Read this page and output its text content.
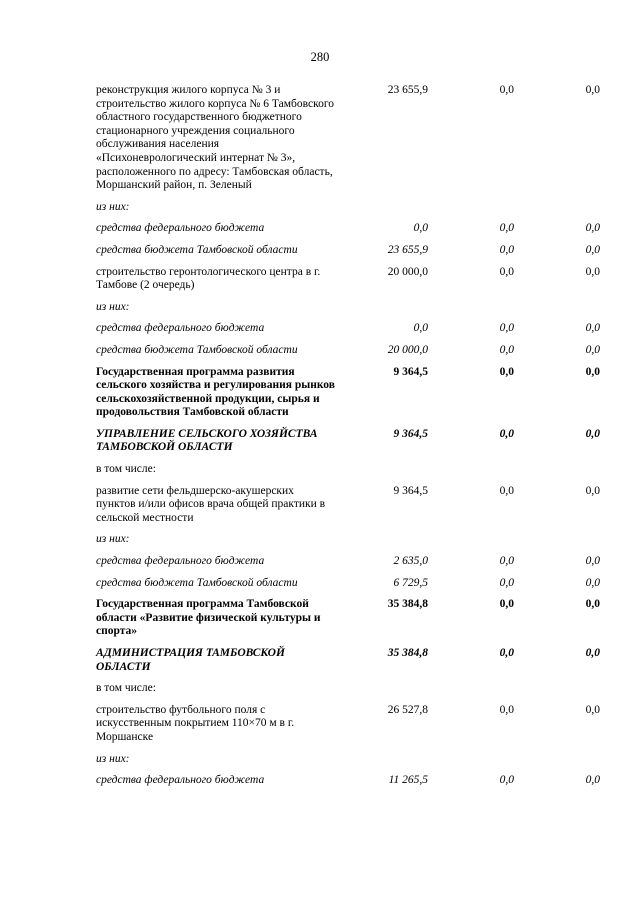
280
реконструкция жилого корпуса № 3 и строительство жилого корпуса № 6 Тамбовского областного государственного бюджетного стационарного учреждения социального обслуживания населения «Психоневрологический интернат № 3», расположенного по адресу: Тамбовская область, Моршанский район, п. Зеленый	23 655,9	0,0	0,0
из них:			
средства федерального бюджета	0,0	0,0	0,0
средства бюджета Тамбовской области	23 655,9	0,0	0,0
строительство геронтологического центра в г. Тамбове (2 очередь)	20 000,0	0,0	0,0
из них:			
средства федерального бюджета	0,0	0,0	0,0
средства бюджета Тамбовской области	20 000,0	0,0	0,0
Государственная программа развития сельского хозяйства и регулирования рынков сельскохозяйственной продукции, сырья и продовольствия Тамбовской области	9 364,5	0,0	0,0
УПРАВЛЕНИЕ СЕЛЬСКОГО ХОЗЯЙСТВА ТАМБОВСКОЙ ОБЛАСТИ	9 364,5	0,0	0,0
в том числе:			
развитие сети фельдшерско-акушерских пунктов и/или офисов врача общей практики в сельской местности	9 364,5	0,0	0,0
из них:			
средства федерального бюджета	2 635,0	0,0	0,0
средства бюджета Тамбовской области	6 729,5	0,0	0,0
Государственная программа Тамбовской области «Развитие физической культуры и спорта»	35 384,8	0,0	0,0
АДМИНИСТРАЦИЯ ТАМБОВСКОЙ ОБЛАСТИ	35 384,8	0,0	0,0
в том числе:			
строительство футбольного поля с искусственным покрытием 110×70 м в г. Моршанске	26 527,8	0,0	0,0
из них:			
средства федерального бюджета	11 265,5	0,0	0,0
